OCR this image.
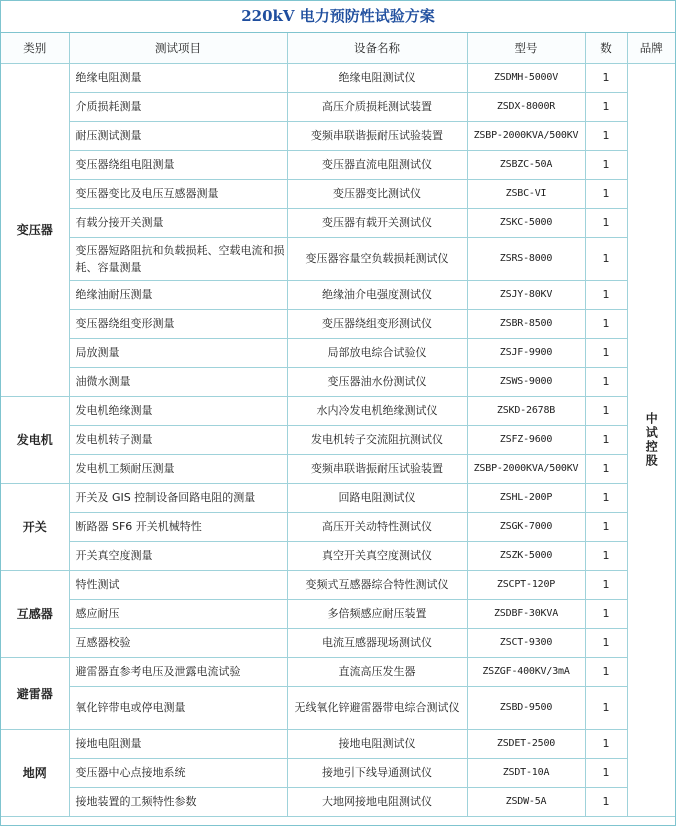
220kV 电力预防性试验方案
类别	测试项目	设备名称	型号	数	品牌
变压器	绝缘电阻测量	绝缘电阻测试仪	ZSDMH-5000V	1	中试控股

	介质损耗测量	高压介质损耗测试装置	ZSDX-8000R	1	
	耐压测试测量	变频串联谐振耐压试验装置	ZSBP-2000KVA/500KV	1	
	变压器绕组电阻测量	变压器直流电阻测试仪	ZSBZC-50A	1	
	变压器变比及电压互感器测量	变压器变比测试仪	ZSBC-VI	1	
	有载分接开关测量	变压器有载开关测试仪	ZSKC-5000	1	
	变压器短路阻抗和负载损耗、空载电流和损耗、容量测量	变压器容量空负载损耗测试仪	ZSRS-8000	1	
	绝缘油耐压测量	绝缘油介电强度测试仪	ZSJY-80KV	1	
	变压器绕组变形测量	变压器绕组变形测试仪	ZSBR-8500	1	
	局放测量	局部放电综合试验仪	ZSJF-9900	1	
	油微水测量	变压器油水份测试仪	ZSWS-9000	1	
发电机	发电机绝缘测量	水内冷发电机绝缘测试仪	ZSKD-2678B	1	
	发电机转子测量	发电机转子交流阻抗测试仪	ZSFZ-9600	1	
	发电机工频耐压测量	变频串联谐振耐压试验装置	ZSBP-2000KVA/500KV	1	
开关	开关及 GIS 控制设备回路电阻的测量	回路电阻测试仪	ZSHL-200P	1	
	断路器 SF6 开关机械特性	高压开关动特性测试仪	ZSGK-7000	1	
	开关真空度测量	真空开关真空度测试仪	ZSZK-5000	1	
互感器	特性测试	变频式互感器综合特性测试仪	ZSCPT-120P	1	
	感应耐压	多倍频感应耐压装置	ZSDBF-30KVA	1	
	互感器校验	电流互感器现场测试仪	ZSCT-9300	1	
避雷器	避雷器直参考电压及泄露电流试验	直流高压发生器	ZSZGF-400KV/3mA	1	
	氧化锌带电或停电测量	无线氧化锌避雷器带电综合测试仪	ZSBD-9500	1	
地网	接地电阻测量	接地电阻测试仪	ZSDET-2500	1	
	变压器中心点接地系统	接地引下线导通测试仪	ZSDT-10A	1	
	接地装置的工频特性参数	大地网接地电阻测试仪	ZSDW-5A	1	
